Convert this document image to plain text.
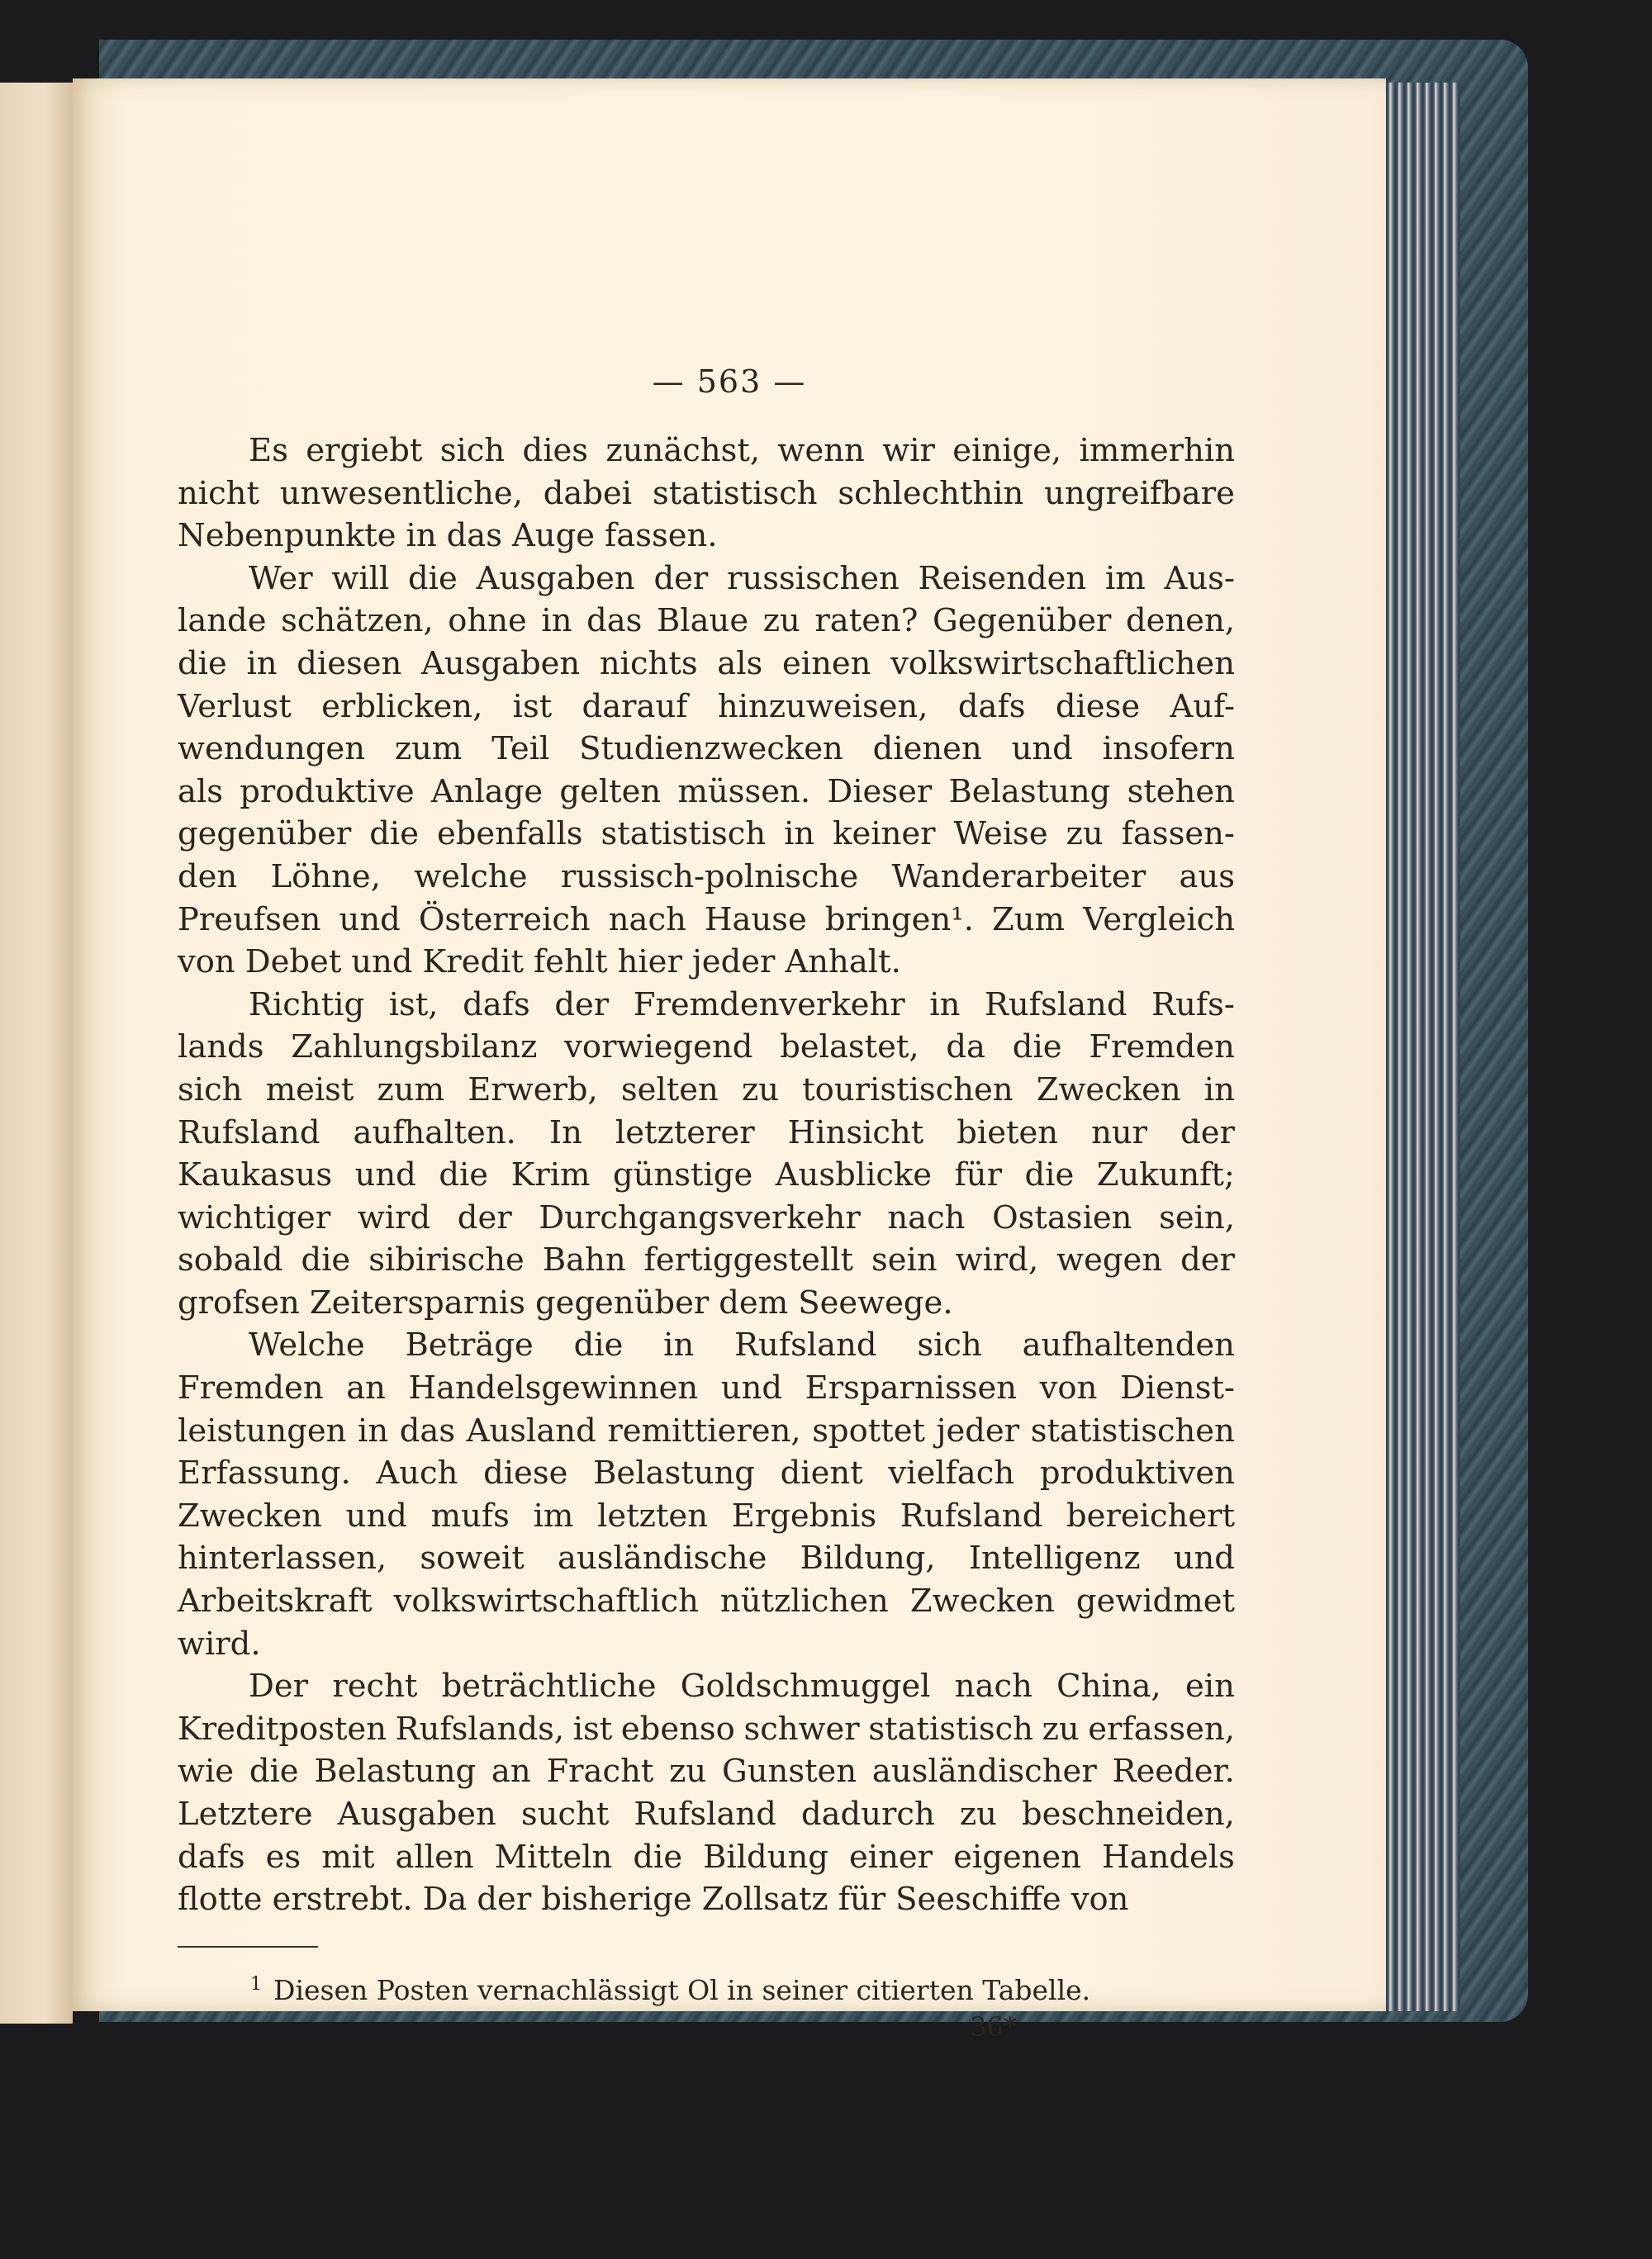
— 563 —
Es ergiebt sich dies zunächst, wenn wir einige, immerhin
nicht unwesentliche, dabei statistisch schlechthin ungreifbare
Nebenpunkte in das Auge fassen.
Wer will die Ausgaben der russischen Reisenden im Aus-
lande schätzen, ohne in das Blaue zu raten? Gegenüber denen,
die in diesen Ausgaben nichts als einen volkswirtschaftlichen
Verlust erblicken, ist darauf hinzuweisen, dafs diese Auf-
wendungen zum Teil Studienzwecken dienen und insofern
als produktive Anlage gelten müssen. Dieser Belastung stehen
gegenüber die ebenfalls statistisch in keiner Weise zu fassen-
den Löhne, welche russisch-polnische Wanderarbeiter aus
Preufsen und Österreich nach Hause bringen¹. Zum Vergleich
von Debet und Kredit fehlt hier jeder Anhalt.
Richtig ist, dafs der Fremdenverkehr in Rufsland Rufs-
lands Zahlungsbilanz vorwiegend belastet, da die Fremden
sich meist zum Erwerb, selten zu touristischen Zwecken in
Rufsland aufhalten. In letzterer Hinsicht bieten nur der
Kaukasus und die Krim günstige Ausblicke für die Zukunft;
wichtiger wird der Durchgangsverkehr nach Ostasien sein,
sobald die sibirische Bahn fertiggestellt sein wird, wegen der
grofsen Zeitersparnis gegenüber dem Seewege.
Welche Beträge die in Rufsland sich aufhaltenden
Fremden an Handelsgewinnen und Ersparnissen von Dienst-
leistungen in das Ausland remittieren, spottet jeder statistischen
Erfassung. Auch diese Belastung dient vielfach produktiven
Zwecken und mufs im letzten Ergebnis Rufsland bereichert
hinterlassen, soweit ausländische Bildung, Intelligenz und
Arbeitskraft volkswirtschaftlich nützlichen Zwecken gewidmet
wird.
Der recht beträchtliche Goldschmuggel nach China, ein
Kreditposten Rufslands, ist ebenso schwer statistisch zu erfassen,
wie die Belastung an Fracht zu Gunsten ausländischer Reeder.
Letztere Ausgaben sucht Rufsland dadurch zu beschneiden,
dafs es mit allen Mitteln die Bildung einer eigenen Handels
flotte erstrebt. Da der bisherige Zollsatz für Seeschiffe von
$^1$ Diesen Posten vernachlässigt Ol in seiner citierten Tabelle.
36*
